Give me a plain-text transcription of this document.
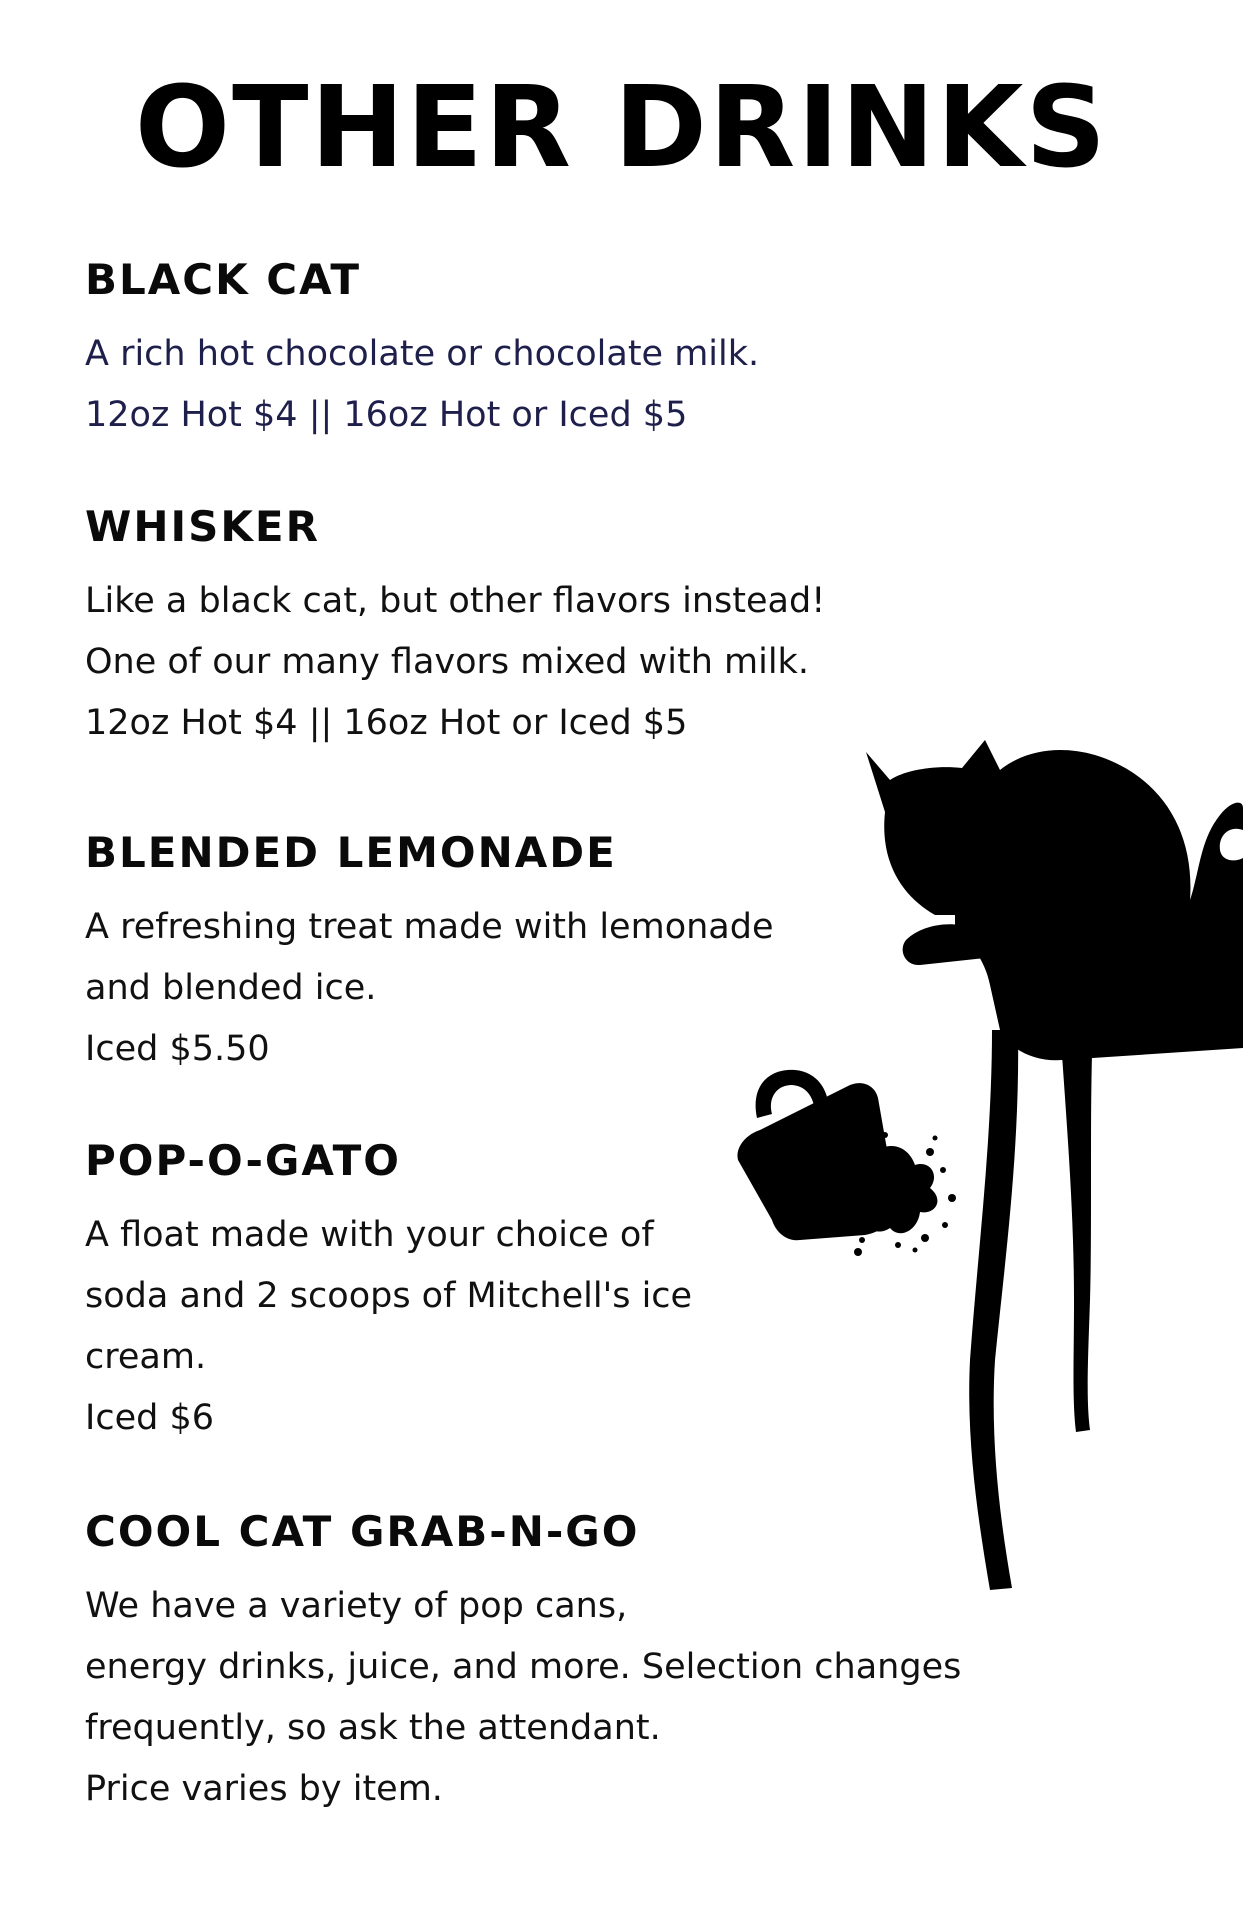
OTHER DRINKS
BLACK CAT

A rich hot chocolate or chocolate milk.

12oz Hot $4 || 16oz Hot or Iced $5

WHISKER

Like a black cat, but other flavors instead!

One of our many flavors mixed with milk.

12oz Hot $4 || 16oz Hot or Iced $5

BLENDED LEMONADE

A refreshing treat made with lemonade

and blended ice.

Iced $5.50

POP-O-GATO

A float made with your choice of

soda and 2 scoops of Mitchell's ice

cream.

Iced $6

COOL CAT GRAB-N-GO

We have a variety of pop cans,

energy drinks, juice, and more. Selection changes

frequently, so ask the attendant.

Price varies by item.
